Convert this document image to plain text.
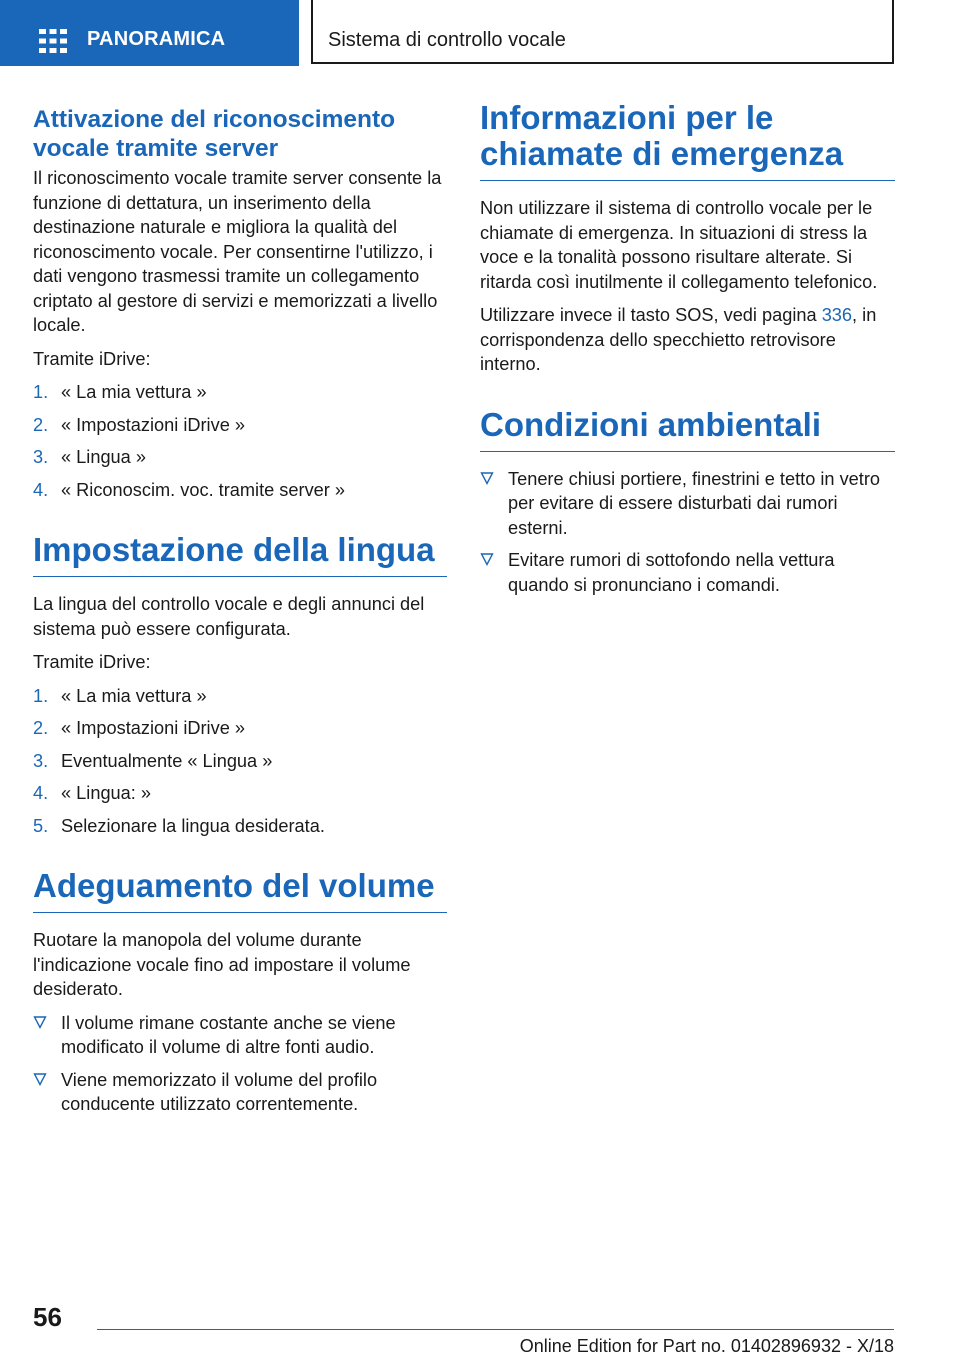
PANORAMICA	Sistema di controllo vocale
Attivazione del riconoscimento vocale tramite server

Il riconoscimento vocale tramite server consente la funzione di dettatura, un inserimento della destinazione naturale e migliora la qualità del riconoscimento vocale. Per consentirne l'utilizzo, i dati vengono trasmessi tramite un collegamento criptato al gestore di servizi e memorizzati a livello locale.

Tramite iDrive:

1. « La mia vettura »
2. « Impostazioni iDrive »
3. « Lingua »
4. « Riconoscim. voc. tramite server »
Impostazione della lingua

La lingua del controllo vocale e degli annunci del sistema può essere configurata.

Tramite iDrive:

1. « La mia vettura »
2. « Impostazioni iDrive »
3. Eventualmente « Lingua »
4. « Lingua: »
5. Selezionare la lingua desiderata.
Adeguamento del volume

Ruotare la manopola del volume durante l'indicazione vocale fino ad impostare il volume desiderato.

Il volume rimane costante anche se viene modificato il volume di altre fonti audio.
Viene memorizzato il volume del profilo conducente utilizzato correntemente.
Informazioni per le chiamate di emergenza

Non utilizzare il sistema di controllo vocale per le chiamate di emergenza. In situazioni di stress la voce e la tonalità possono risultare alterate. Si ritarda così inutilmente il collegamento telefonico.

Utilizzare invece il tasto SOS, vedi pagina 336, in corrispondenza dello specchietto retrovisore interno.

Condizioni ambientali
Tenere chiusi portiere, finestrini e tetto in vetro per evitare di essere disturbati dai rumori esterni.
Evitare rumori di sottofondo nella vettura quando si pronunciano i comandi.
56
Online Edition for Part no. 01402896932 - X/18
